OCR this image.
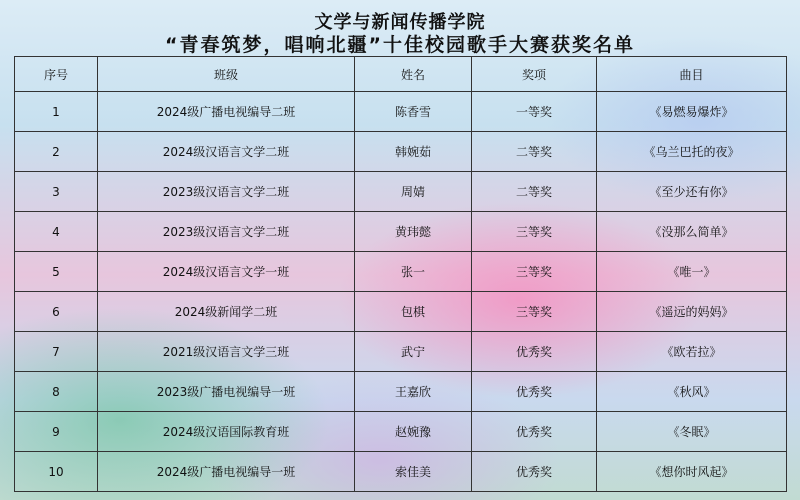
文学与新闻传播学院
“青春筑梦，唱响北疆”十佳校园歌手大赛获奖名单
序号	班级	姓名	奖项	曲目
1	2024级广播电视编导二班	陈香雪	一等奖	《易燃易爆炸》
2	2024级汉语言文学二班	韩婉茹	二等奖	《乌兰巴托的夜》
3	2023级汉语言文学二班	周婧	二等奖	《至少还有你》
4	2023级汉语言文学二班	黄玮懿	三等奖	《没那么简单》
5	2024级汉语言文学一班	张一	三等奖	《唯一》
6	2024级新闻学二班	包棋	三等奖	《遥远的妈妈》
7	2021级汉语言文学三班	武宁	优秀奖	《欧若拉》
8	2023级广播电视编导一班	王嘉欣	优秀奖	《秋风》
9	2024级汉语国际教育班	赵婉豫	优秀奖	《冬眠》
10	2024级广播电视编导一班	索佳美	优秀奖	《想你时风起》
